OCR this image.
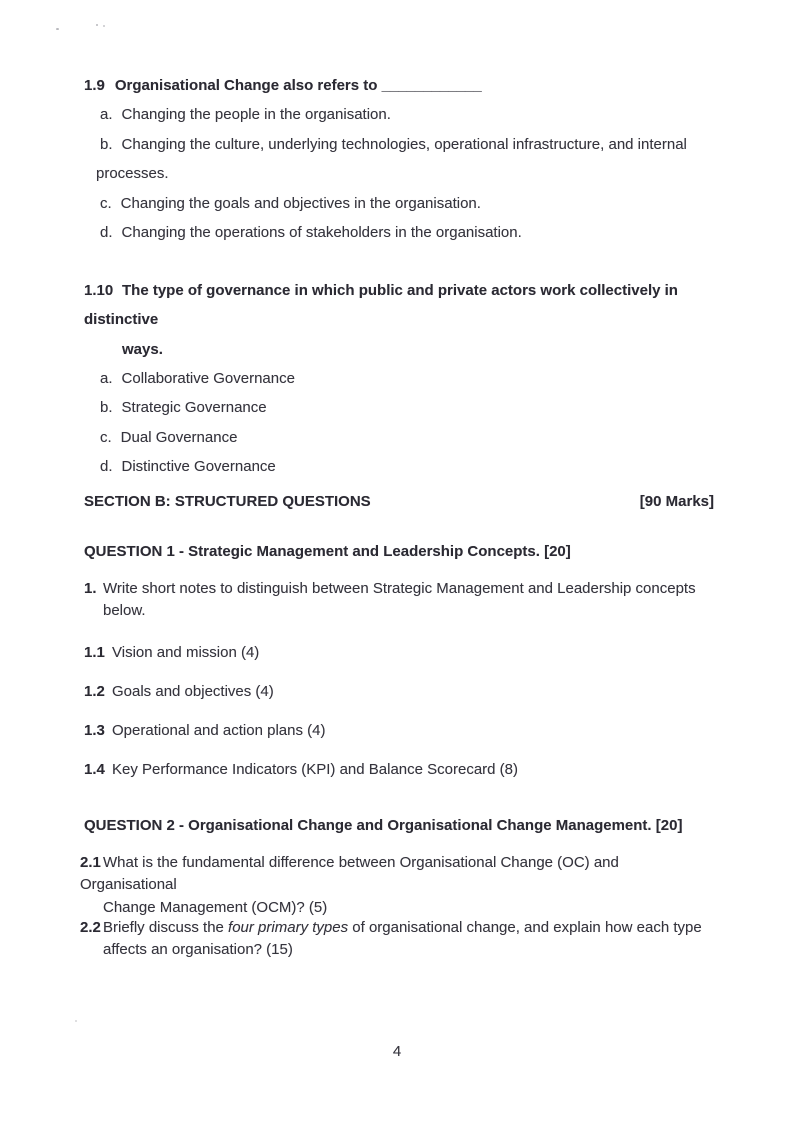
1.9 Organisational Change also refers to ____________
a. Changing the people in the organisation.
b. Changing the culture, underlying technologies, operational infrastructure, and internal
processes.
c. Changing the goals and objectives in the organisation.
d. Changing the operations of stakeholders in the organisation.
1.10 The type of governance in which public and private actors work collectively in distinctive
ways.
a. Collaborative Governance
b. Strategic Governance
c. Dual Governance
d. Distinctive Governance
SECTION B: STRUCTURED QUESTIONS	[90 Marks]
QUESTION 1 - Strategic Management and Leadership Concepts. [20]
1. Write short notes to distinguish between Strategic Management and Leadership concepts
below.
1.1 Vision and mission (4)
1.2 Goals and objectives (4)
1.3 Operational and action plans (4)
1.4 Key Performance Indicators (KPI) and Balance Scorecard (8)
QUESTION 2 - Organisational Change and Organisational Change Management. [20]
2.1 What is the fundamental difference between Organisational Change (OC) and Organisational
Change Management (OCM)? (5)
2.2 Briefly discuss the four primary types of organisational change, and explain how each type
affects an organisation? (15)
4
